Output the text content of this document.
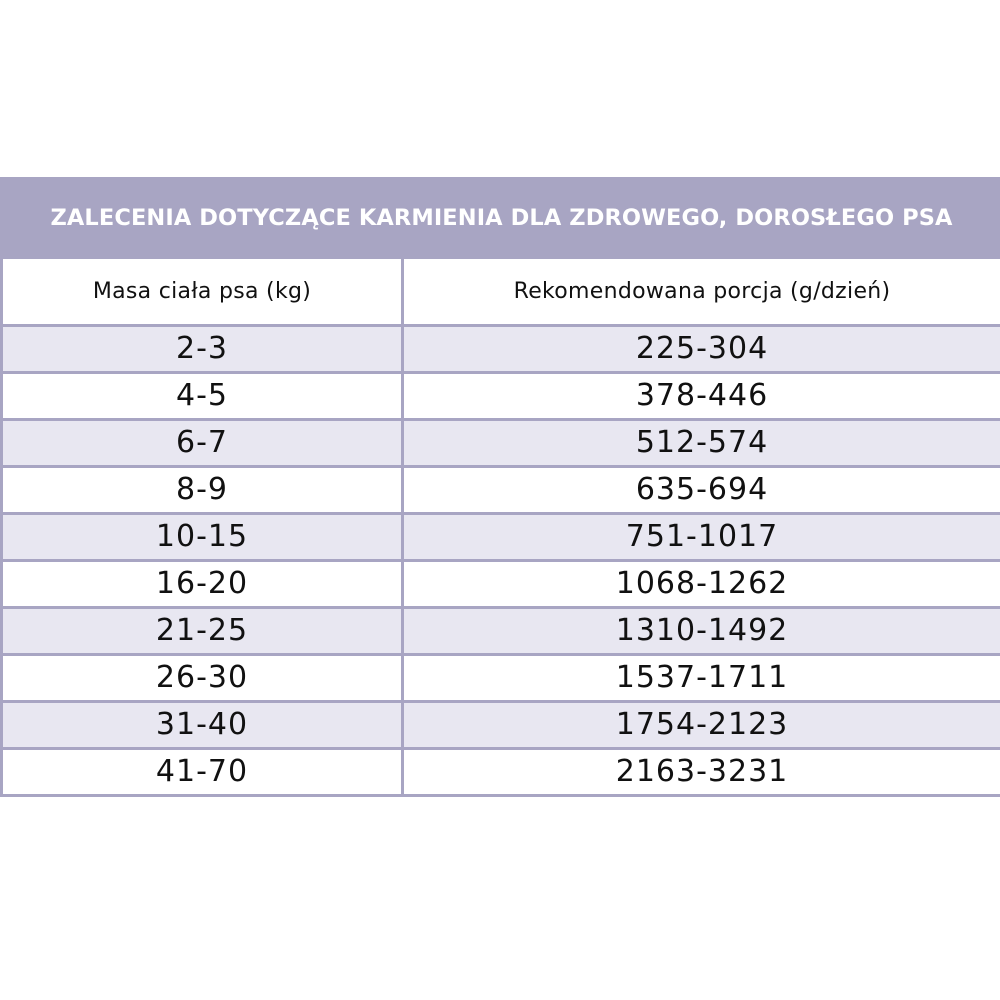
ZALECENIA DOTYCZĄCE KARMIENIA DLA ZDROWEGO, DOROSŁEGO PSA	
Masa ciała psa (kg)	Rekomendowana porcja (g/dzień)
2-3	225-304
4-5	378-446
6-7	512-574
8-9	635-694
10-15	751-1017
16-20	1068-1262
21-25	1310-1492
26-30	1537-1711
31-40	1754-2123
41-70	2163-3231
